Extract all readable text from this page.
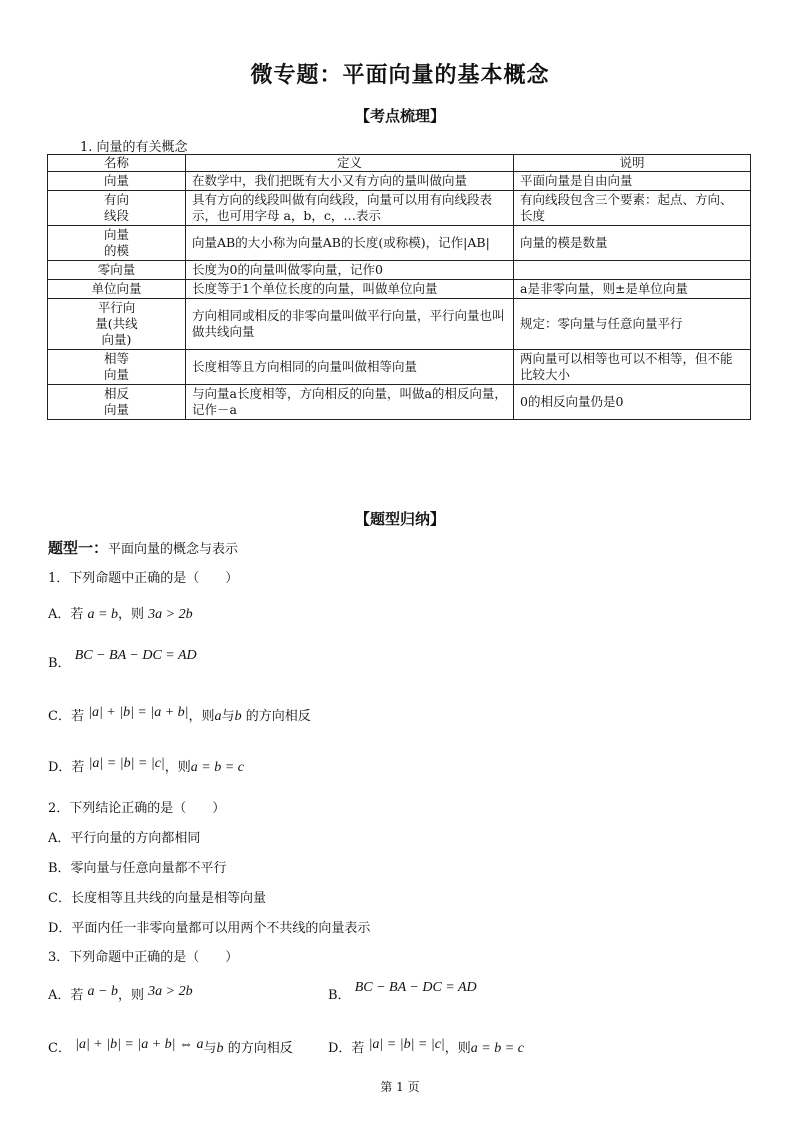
微专题：平面向量的基本概念
【考点梳理】
1. 向量的有关概念
名称	定义	说明
向量	在数学中，我们把既有大小又有方向的量叫做向量	平面向量是自由向量
有向
线段	具有方向的线段叫做有向线段，向量可以用有向线段表示，也可用字母 a，b，c，…表示	有向线段包含三个要素：起点、方向、长度
向量
的模	向量AB的大小称为向量AB的长度(或称模)，记作|AB|	向量的模是数量
零向量	长度为0的向量叫做零向量，记作0	
单位向量	长度等于1个单位长度的向量，叫做单位向量	a是非零向量，则±是单位向量
平行向
量(共线
向量)	方向相同或相反的非零向量叫做平行向量，平行向量也叫做共线向量	规定：零向量与任意向量平行
相等
向量	长度相等且方向相同的向量叫做相等向量	两向量可以相等也可以不相等，但不能比较大小
相反
向量	与向量a长度相等，方向相反的向量，叫做a的相反向量，记作－a	0的相反向量仍是0
【题型归纳】
题型一：平面向量的概念与表示
1．下列命题中正确的是（　　）
A．若 a = b，则 3a > 2b
B． BC − BA − DC = AD
C．若 |a| + |b| = |a + b|，则a与b 的方向相反
D．若 |a| = |b| = |c|，则a = b = c
2．下列结论正确的是（　　）
A．平行向量的方向都相同
B．零向量与任意向量都不平行
C．长度相等且共线的向量是相等向量
D．平面内任一非零向量都可以用两个不共线的向量表示
3．下列命题中正确的是（　　）
A．若 a − b，则 3a > 2b	B． BC − BA − DC = AD
C． |a| + |b| = |a + b| ⇔ a与b 的方向相反	D．若 |a| = |b| = |c|，则a = b = c
第 1 页
